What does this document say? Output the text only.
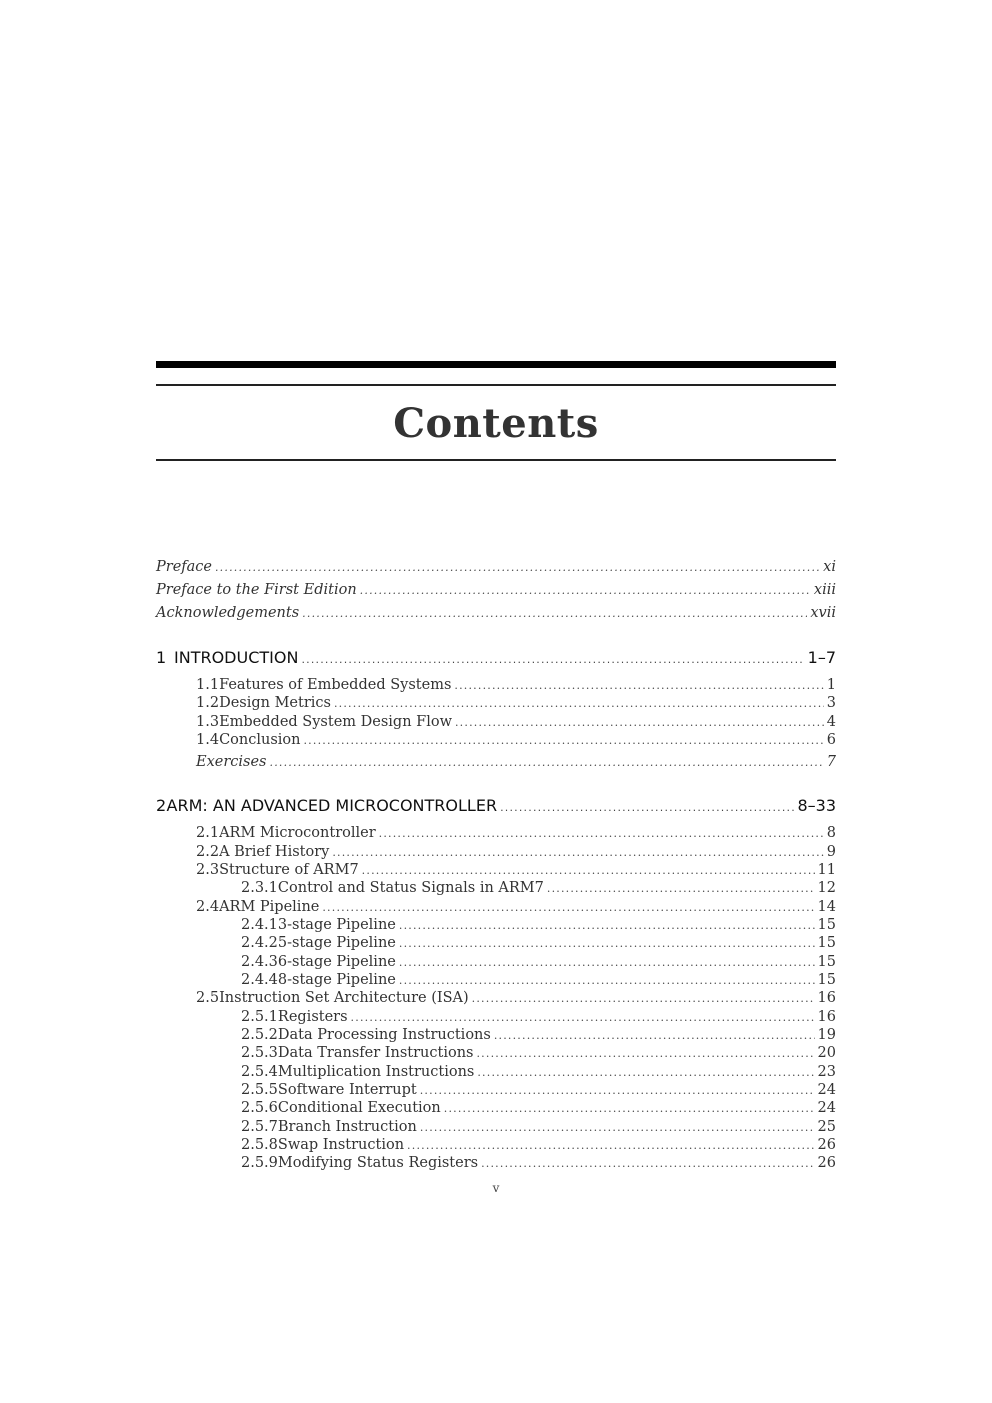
Contents
Preface .....	xi
Preface to the First Edition .....	xiii
Acknowledgements .....	xvii
1 INTRODUCTION .....	1–7
1.1 Features of Embedded Systems .....	1
1.2 Design Metrics .....	3
1.3 Embedded System Design Flow .....	4
1.4 Conclusion .....	6
Exercises .....	7
2 ARM: AN ADVANCED MICROCONTROLLER .....	8–33
2.1 ARM Microcontroller .....	8
2.2 A Brief History .....	9
2.3 Structure of ARM7 .....	11
2.3.1 Control and Status Signals in ARM7 .....	12
2.4 ARM Pipeline .....	14
2.4.1 3-stage Pipeline .....	15
2.4.2 5-stage Pipeline .....	15
2.4.3 6-stage Pipeline .....	15
2.4.4 8-stage Pipeline .....	15
2.5 Instruction Set Architecture (ISA) .....	16
2.5.1 Registers .....	16
2.5.2 Data Processing Instructions .....	19
2.5.3 Data Transfer Instructions .....	20
2.5.4 Multiplication Instructions .....	23
2.5.5 Software Interrupt .....	24
2.5.6 Conditional Execution .....	24
2.5.7 Branch Instruction .....	25
2.5.8 Swap Instruction .....	26
2.5.9 Modifying Status Registers .....	26
v
